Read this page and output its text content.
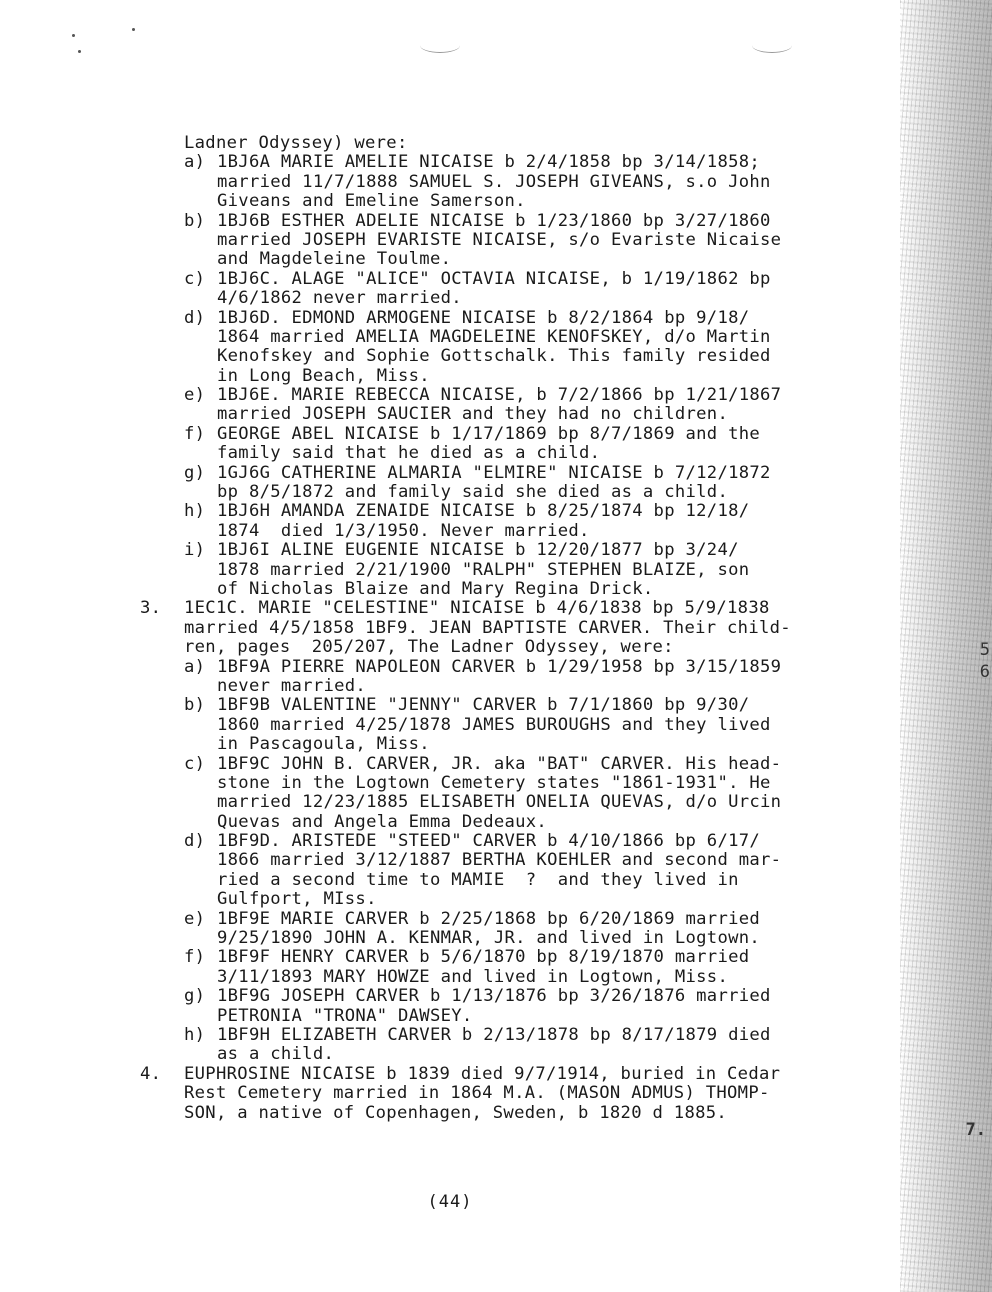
5
6
7.
Ladner Odyssey) were:
a) 1BJ6A MARIE AMELIE NICAISE b 2/4/1858 bp 3/14/1858;
married 11/7/1888 SAMUEL S. JOSEPH GIVEANS, s.o John
Giveans and Emeline Samerson.
b) 1BJ6B ESTHER ADELIE NICAISE b 1/23/1860 bp 3/27/1860
married JOSEPH EVARISTE NICAISE, s/o Evariste Nicaise
and Magdeleine Toulme.
c) 1BJ6C. ALAGE "ALICE" OCTAVIA NICAISE, b 1/19/1862 bp
4/6/1862 never married.
d) 1BJ6D. EDMOND ARMOGENE NICAISE b 8/2/1864 bp 9/18/
1864 married AMELIA MAGDELEINE KENOFSKEY, d/o Martin
Kenofskey and Sophie Gottschalk. This family resided
in Long Beach, Miss.
e) 1BJ6E. MARIE REBECCA NICAISE, b 7/2/1866 bp 1/21/1867
married JOSEPH SAUCIER and they had no children.
f) GEORGE ABEL NICAISE b 1/17/1869 bp 8/7/1869 and the
family said that he died as a child.
g) 1GJ6G CATHERINE ALMARIA "ELMIRE" NICAISE b 7/12/1872
bp 8/5/1872 and family said she died as a child.
h) 1BJ6H AMANDA ZENAIDE NICAISE b 8/25/1874 bp 12/18/
1874  died 1/3/1950. Never married.
i) 1BJ6I ALINE EUGENIE NICAISE b 12/20/1877 bp 3/24/
1878 married 2/21/1900 "RALPH" STEPHEN BLAIZE, son
of Nicholas Blaize and Mary Regina Drick.
3. 1EC1C. MARIE "CELESTINE" NICAISE b 4/6/1838 bp 5/9/1838
married 4/5/1858 1BF9. JEAN BAPTISTE CARVER. Their child-
ren, pages  205/207, The Ladner Odyssey, were:
a) 1BF9A PIERRE NAPOLEON CARVER b 1/29/1958 bp 3/15/1859
never married.
b) 1BF9B VALENTINE "JENNY" CARVER b 7/1/1860 bp 9/30/
1860 married 4/25/1878 JAMES BUROUGHS and they lived
in Pascagoula, Miss.
c) 1BF9C JOHN B. CARVER, JR. aka "BAT" CARVER. His head-
stone in the Logtown Cemetery states "1861-1931". He
married 12/23/1885 ELISABETH ONELIA QUEVAS, d/o Urcin
Quevas and Angela Emma Dedeaux.
d) 1BF9D. ARISTEDE "STEED" CARVER b 4/10/1866 bp 6/17/
1866 married 3/12/1887 BERTHA KOEHLER and second mar-
ried a second time to MAMIE  ?  and they lived in
Gulfport, MIss.
e) 1BF9E MARIE CARVER b 2/25/1868 bp 6/20/1869 married
9/25/1890 JOHN A. KENMAR, JR. and lived in Logtown.
f) 1BF9F HENRY CARVER b 5/6/1870 bp 8/19/1870 married
3/11/1893 MARY HOWZE and lived in Logtown, Miss.
g) 1BF9G JOSEPH CARVER b 1/13/1876 bp 3/26/1876 married
PETRONIA "TRONA" DAWSEY.
h) 1BF9H ELIZABETH CARVER b 2/13/1878 bp 8/17/1879 died
as a child.
4. EUPHROSINE NICAISE b 1839 died 9/7/1914, buried in Cedar
Rest Cemetery married in 1864 M.A. (MASON ADMUS) THOMP-
SON, a native of Copenhagen, Sweden, b 1820 d 1885.
(44)
